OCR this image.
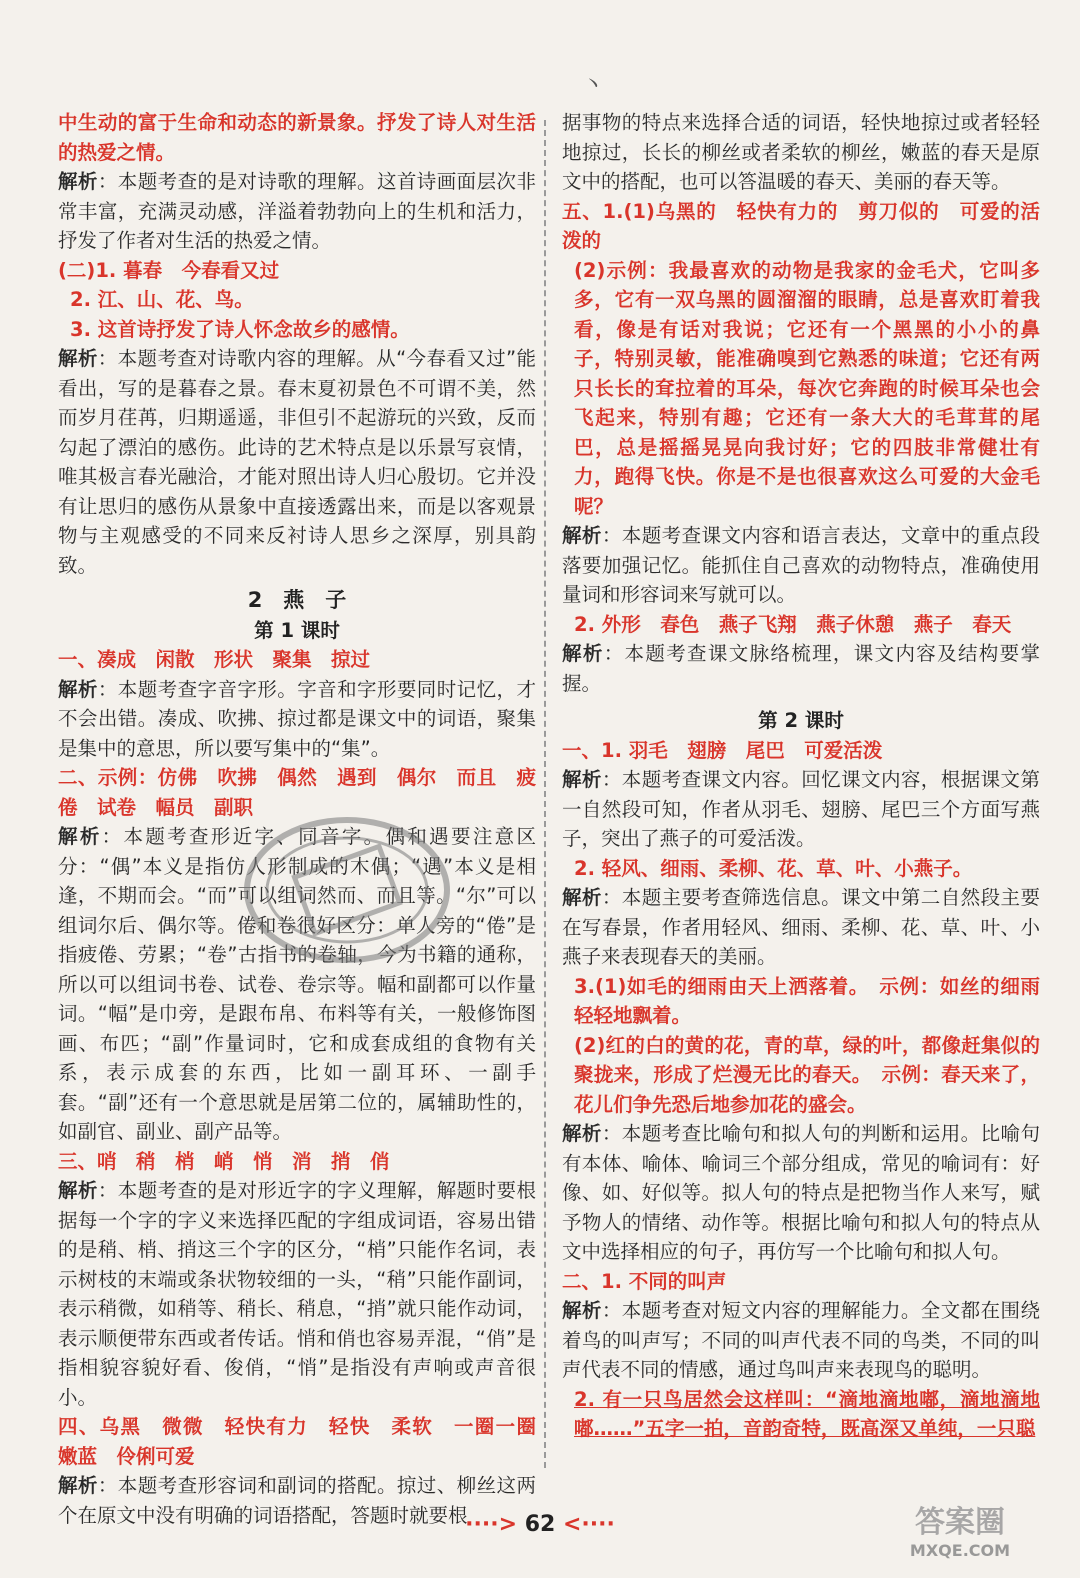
丶

中生动的富于生命和动态的新景象。抒发了诗人对生活的热爱之情。

解析：本题考查的是对诗歌的理解。这首诗画面层次非常丰富，充满灵动感，洋溢着勃勃向上的生机和活力，抒发了作者对生活的热爱之情。

(二)1. 暮春　今春看又过

2. 江、山、花、鸟。

3. 这首诗抒发了诗人怀念故乡的感情。

解析：本题考查对诗歌内容的理解。从“今春看又过”能看出，写的是暮春之景。春末夏初景色不可谓不美，然而岁月荏苒，归期遥遥，非但引不起游玩的兴致，反而勾起了漂泊的感伤。此诗的艺术特点是以乐景写哀情，唯其极言春光融洽，才能对照出诗人归心殷切。它并没有让思归的感伤从景象中直接透露出来，而是以客观景物与主观感受的不同来反衬诗人思乡之深厚，别具韵致。

2　燕　子

第 1 课时

一、凑成　闲散　形状　聚集　掠过

解析：本题考查字音字形。字音和字形要同时记忆，才不会出错。凑成、吹拂、掠过都是课文中的词语，聚集是集中的意思，所以要写集中的“集”。

二、示例：仿佛　吹拂　偶然　遇到　偶尔　而且　疲倦　试卷　幅员　副职

解析：本题考查形近字、同音字。偶和遇要注意区分：“偶”本义是指仿人形制成的木偶；“遇”本义是相逢，不期而会。“而”可以组词然而、而且等。“尔”可以组词尔后、偶尔等。倦和卷很好区分：单人旁的“倦”是指疲倦、劳累；“卷”古指书的卷轴，今为书籍的通称，所以可以组词书卷、试卷、卷宗等。幅和副都可以作量词。“幅”是巾旁，是跟布帛、布料等有关，一般修饰图画、布匹；“副”作量词时，它和成套成组的食物有关系，表示成套的东西，比如一副耳环、一副手套。“副”还有一个意思就是居第二位的，属辅助性的，如副官、副业、副产品等。

三、哨　稍　梢　峭　悄　消　捎　俏

解析：本题考查的是对形近字的字义理解，解题时要根据每一个字的字义来选择匹配的字组成词语，容易出错的是稍、梢、捎这三个字的区分，“梢”只能作名词，表示树枝的末端或条状物较细的一头，“稍”只能作副词，表示稍微，如稍等、稍长、稍息，“捎”就只能作动词，表示顺便带东西或者传话。悄和俏也容易弄混，“俏”是指相貌容貌好看、俊俏，“悄”是指没有声响或声音很小。

四、乌黑　微微　轻快有力　轻快　柔软　一圈一圈　嫩蓝　伶俐可爱

解析：本题考查形容词和副词的搭配。掠过、柳丝这两个在原文中没有明确的词语搭配，答题时就要根

据事物的特点来选择合适的词语，轻快地掠过或者轻轻地掠过，长长的柳丝或者柔软的柳丝，嫩蓝的春天是原文中的搭配，也可以答温暖的春天、美丽的春天等。

五、1.(1)乌黑的　轻快有力的　剪刀似的　可爱的活泼的

(2)示例：我最喜欢的动物是我家的金毛犬，它叫多多，它有一双乌黑的圆溜溜的眼睛，总是喜欢盯着我看，像是有话对我说；它还有一个黑黑的小小的鼻子，特别灵敏，能准确嗅到它熟悉的味道；它还有两只长长的耷拉着的耳朵，每次它奔跑的时候耳朵也会飞起来，特别有趣；它还有一条大大的毛茸茸的尾巴，总是摇摇晃晃向我讨好；它的四肢非常健壮有力，跑得飞快。你是不是也很喜欢这么可爱的大金毛呢？

解析：本题考查课文内容和语言表达，文章中的重点段落要加强记忆。能抓住自己喜欢的动物特点，准确使用量词和形容词来写就可以。

2. 外形　春色　燕子飞翔　燕子休憩　燕子　春天

解析：本题考查课文脉络梳理，课文内容及结构要掌握。

第 2 课时

一、1. 羽毛　翅膀　尾巴　可爱活泼

解析：本题考查课文内容。回忆课文内容，根据课文第一自然段可知，作者从羽毛、翅膀、尾巴三个方面写燕子，突出了燕子的可爱活泼。

2. 轻风、细雨、柔柳、花、草、叶、小燕子。

解析：本题主要考查筛选信息。课文中第二自然段主要在写春景，作者用轻风、细雨、柔柳、花、草、叶、小燕子来表现春天的美丽。

3.(1)如毛的细雨由天上洒落着。　示例：如丝的细雨轻轻地飘着。

(2)红的白的黄的花，青的草，绿的叶，都像赶集似的聚拢来，形成了烂漫无比的春天。　示例：春天来了，花儿们争先恐后地参加花的盛会。

解析：本题考查比喻句和拟人句的判断和运用。比喻句有本体、喻体、喻词三个部分组成，常见的喻词有：好像、如、好似等。拟人句的特点是把物当作人来写，赋予物人的情绪、动作等。根据比喻句和拟人句的特点从文中选择相应的句子，再仿写一个比喻句和拟人句。

二、1. 不同的叫声

解析：本题考查对短文内容的理解能力。全文都在围绕着鸟的叫声写；不同的叫声代表不同的鸟类，不同的叫声代表不同的情感，通过鸟叫声来表现鸟的聪明。

2. 有一只鸟居然会这样叫：“滴地滴地嘟，滴地滴地嘟……”五字一拍，音韵奇特，既高深又单纯，一只聪

····> 62 <····	答案圈
MXQE.COM
